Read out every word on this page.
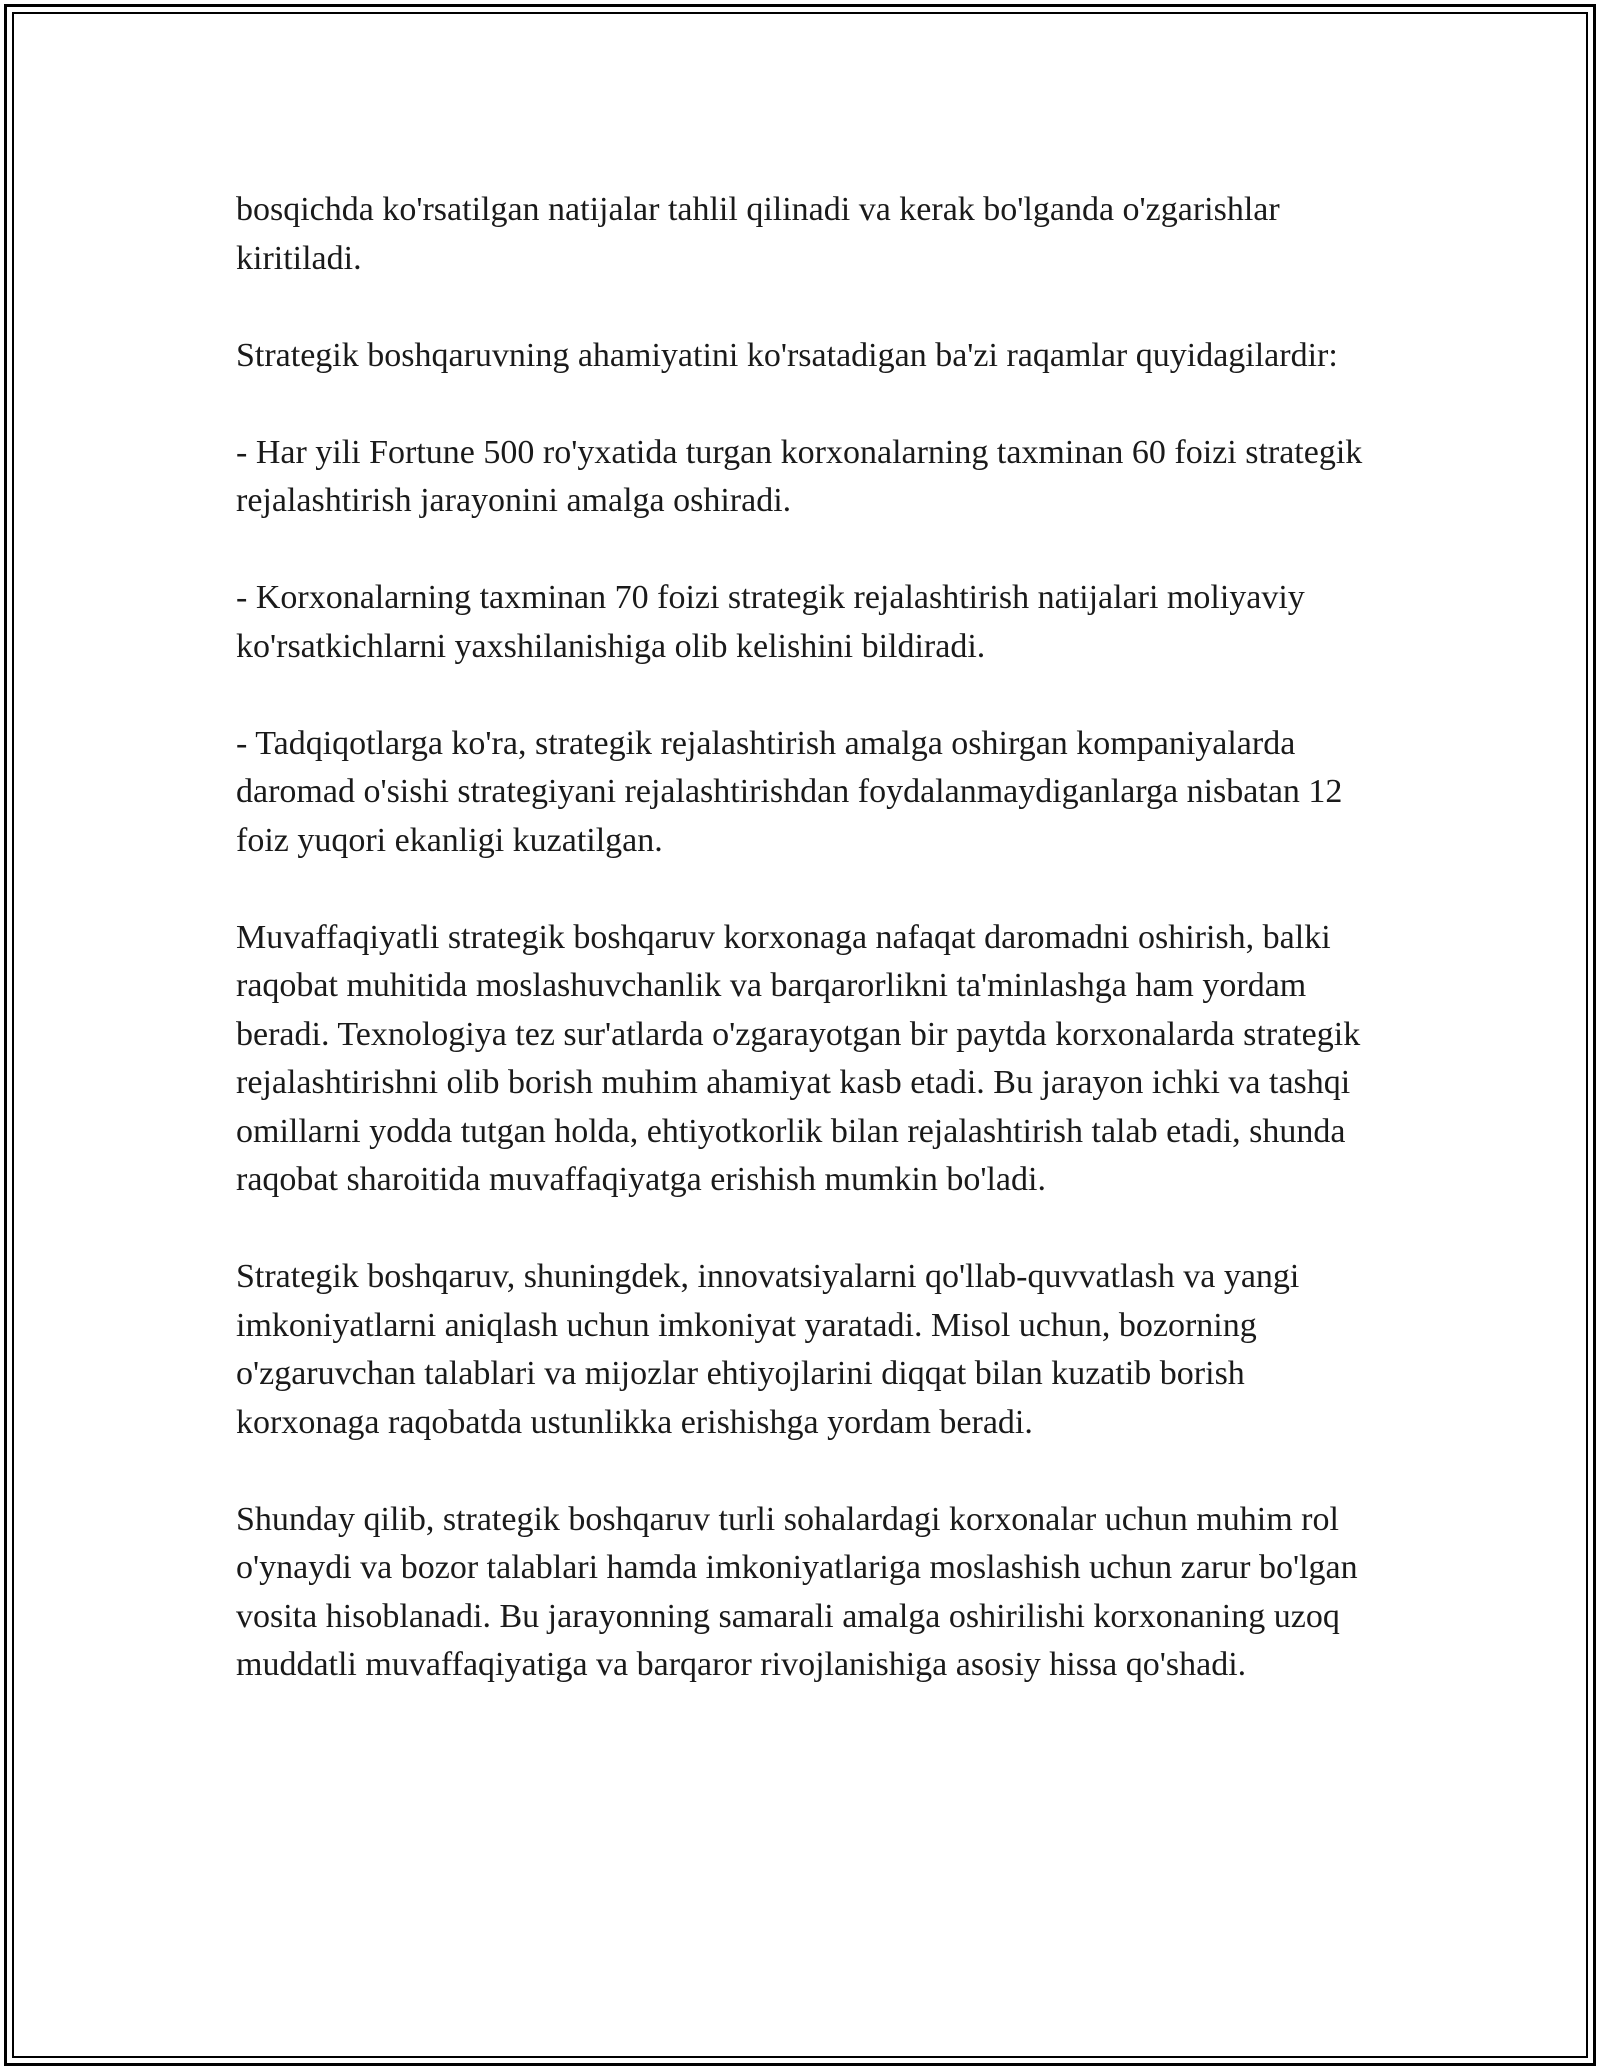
bosqichda ko'rsatilgan natijalar tahlil qilinadi va kerak bo'lganda o'zgarishlar kiritiladi.

Strategik boshqaruvning ahamiyatini ko'rsatadigan ba'zi raqamlar quyidagilardir:

- Har yili Fortune 500 ro'yxatida turgan korxonalarning taxminan 60 foizi strategik rejalashtirish jarayonini amalga oshiradi.

- Korxonalarning taxminan 70 foizi strategik rejalashtirish natijalari moliyaviy ko'rsatkichlarni yaxshilanishiga olib kelishini bildiradi.

- Tadqiqotlarga ko'ra, strategik rejalashtirish amalga oshirgan kompaniyalarda daromad o'sishi strategiyani rejalashtirishdan foydalanmaydiganlarga nisbatan 12 foiz yuqori ekanligi kuzatilgan.

Muvaffaqiyatli strategik boshqaruv korxonaga nafaqat daromadni oshirish, balki raqobat muhitida moslashuvchanlik va barqarorlikni ta'minlashga ham yordam beradi. Texnologiya tez sur'atlarda o'zgarayotgan bir paytda korxonalarda strategik rejalashtirishni olib borish muhim ahamiyat kasb etadi. Bu jarayon ichki va tashqi omillarni yodda tutgan holda, ehtiyotkorlik bilan rejalashtirish talab etadi, shunda raqobat sharoitida muvaffaqiyatga erishish mumkin bo'ladi.

Strategik boshqaruv, shuningdek, innovatsiyalarni qo'llab-quvvatlash va yangi imkoniyatlarni aniqlash uchun imkoniyat yaratadi. Misol uchun, bozorning o'zgaruvchan talablari va mijozlar ehtiyojlarini diqqat bilan kuzatib borish korxonaga raqobatda ustunlikka erishishga yordam beradi.

Shunday qilib, strategik boshqaruv turli sohalardagi korxonalar uchun muhim rol o'ynaydi va bozor talablari hamda imkoniyatlariga moslashish uchun zarur bo'lgan vosita hisoblanadi. Bu jarayonning samarali amalga oshirilishi korxonaning uzoq muddatli muvaffaqiyatiga va barqaror rivojlanishiga asosiy hissa qo'shadi.
